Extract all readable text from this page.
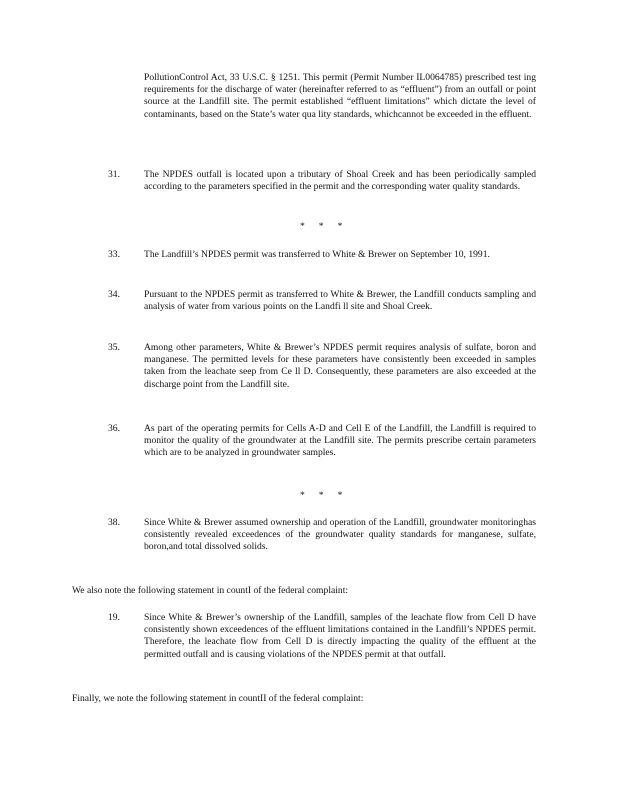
PollutionControl Act, 33 U.S.C. § 1251. This permit (Permit Number IL0064785) prescribed test ing requirements for the discharge of water (hereinafter referred to as “effluent”) from an outfall or point source at the Landfill site. The permit established “effluent limitations” which dictate the level of contaminants, based on the State’s water qua lity standards, whichcannot be exceeded in the effluent.
31.	The NPDES outfall is located upon a tributary of Shoal Creek and has been periodically sampled according to the parameters specified in the permit and the corresponding water quality standards.
* * *
33.	The Landfill’s NPDES permit was transferred to White & Brewer on September 10, 1991.
34.	Pursuant to the NPDES permit as transferred to White & Brewer, the Landfill conducts sampling and analysis of water from various points on the Landfi ll site and Shoal Creek.
35.	Among other parameters, White & Brewer’s NPDES permit requires analysis of sulfate, boron and manganese. The permitted levels for these parameters have consistently been exceeded in samples taken from the leachate seep from Ce ll D. Consequently, these parameters are also exceeded at the discharge point from the Landfill site.
36.	As part of the operating permits for Cells A-D and Cell E of the Landfill, the Landfill is required to monitor the quality of the groundwater at the Landfill site. The permits prescribe certain parameters which are to be analyzed in groundwater samples.
* * *
38.	Since White & Brewer assumed ownership and operation of the Landfill, groundwater monitoringhas consistently revealed exceedences of the groundwater quality standards for manganese, sulfate, boron,and total dissolved solids.
We also note the following statement in countI of the federal complaint:
19.	Since White & Brewer’s ownership of the Landfill, samples of the leachate flow from Cell D have consistently shown exceedences of the effluent limitations contained in the Landfill’s NPDES permit. Therefore, the leachate flow from Cell D is directly impacting the quality of the effluent at the permitted outfall and is causing violations of the NPDES permit at that outfall.
Finally, we note the following statement in countII of the federal complaint:
